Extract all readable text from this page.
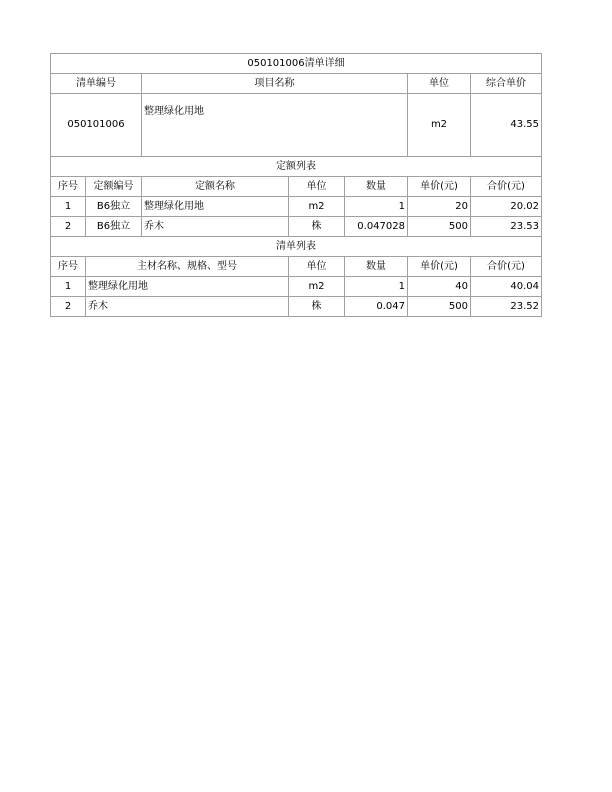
050101006清单详细						
清单编号		项目名称			单位	综合单价
050101006		整理绿化用地			m2	43.55
定额列表						
序号	定额编号	定额名称	单位	数量	单价(元)	合价(元)
1	B6独立	整理绿化用地	m2	1	20	20.02
2	B6独立	乔木	株	0.047028	500	23.53
清单列表						
序号	主材名称、规格、型号		单位	数量	单价(元)	合价(元)
1	整理绿化用地		m2	1	40	40.04
2	乔木		株	0.047	500	23.52
